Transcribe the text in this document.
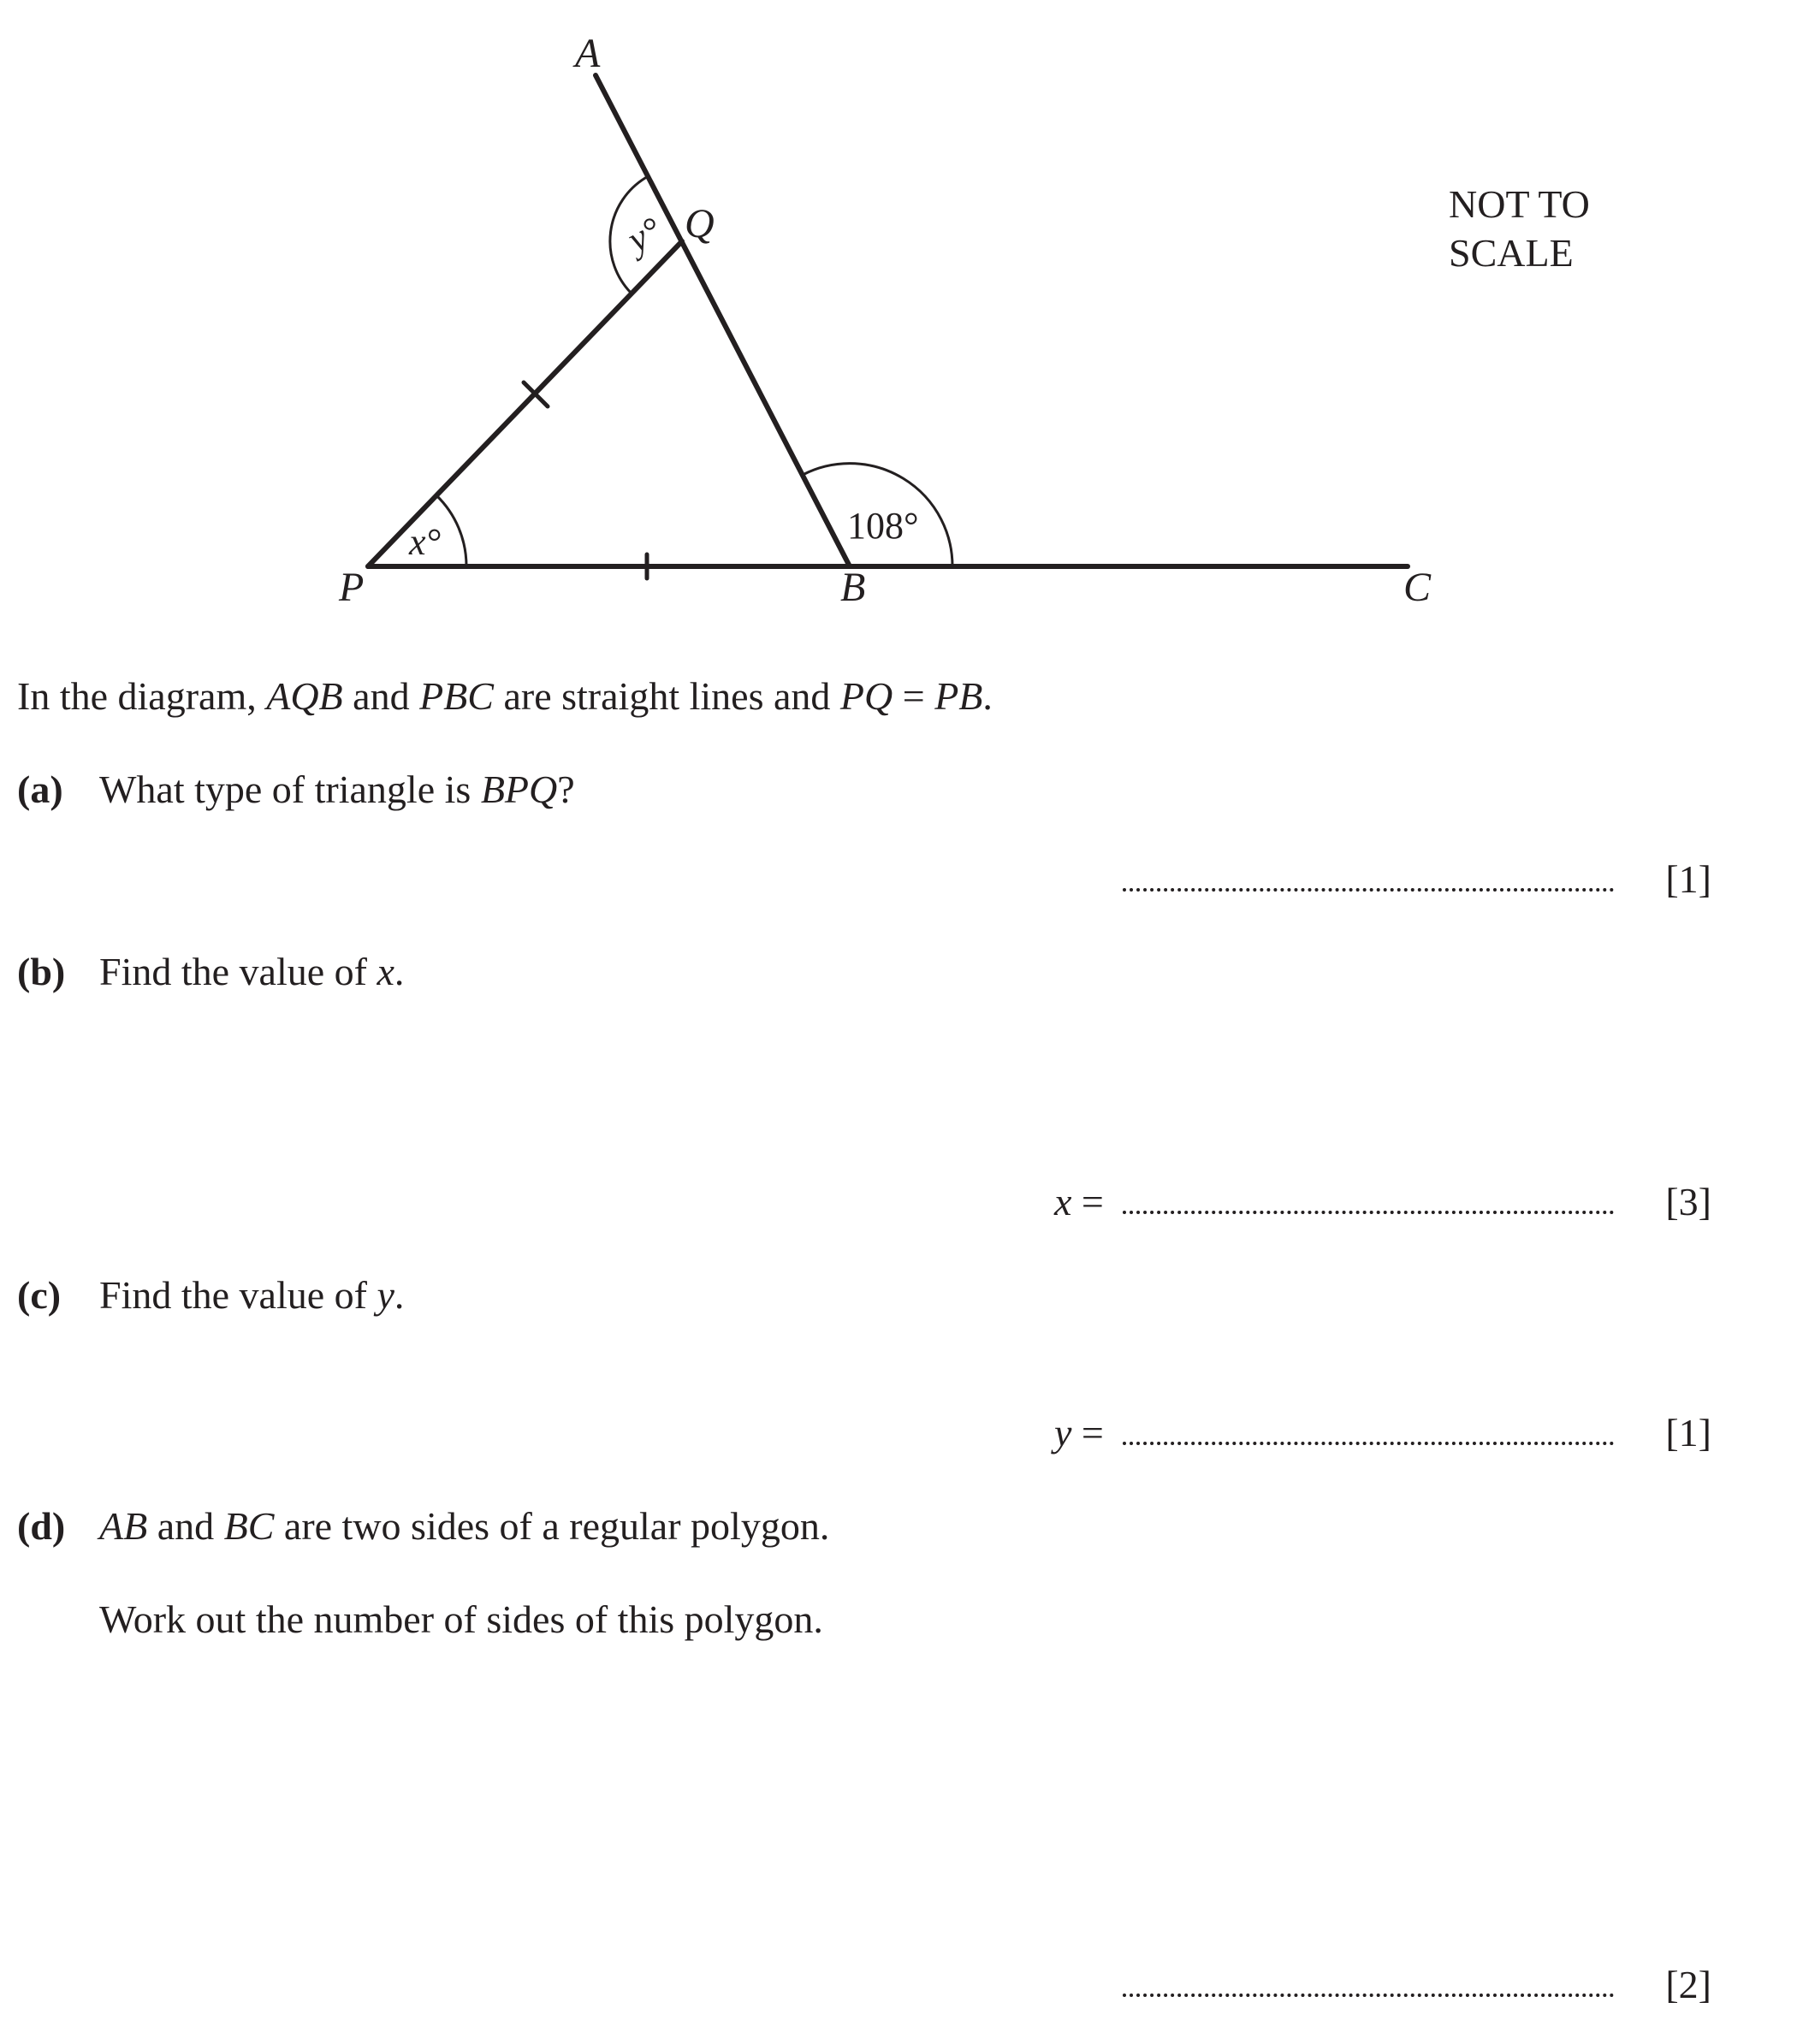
A
Q
P	B	C
y°
x°	108°
NOT TO
SCALE
In the diagram, AQB and PBC are straight lines and PQ = PB.
(a) What type of triangle is BPQ?
[1]
(b) Find the value of x.
x =	[3]
(c) Find the value of y.
y =	[1]
(d) AB and BC are two sides of a regular polygon.
Work out the number of sides of this polygon.
[2]
